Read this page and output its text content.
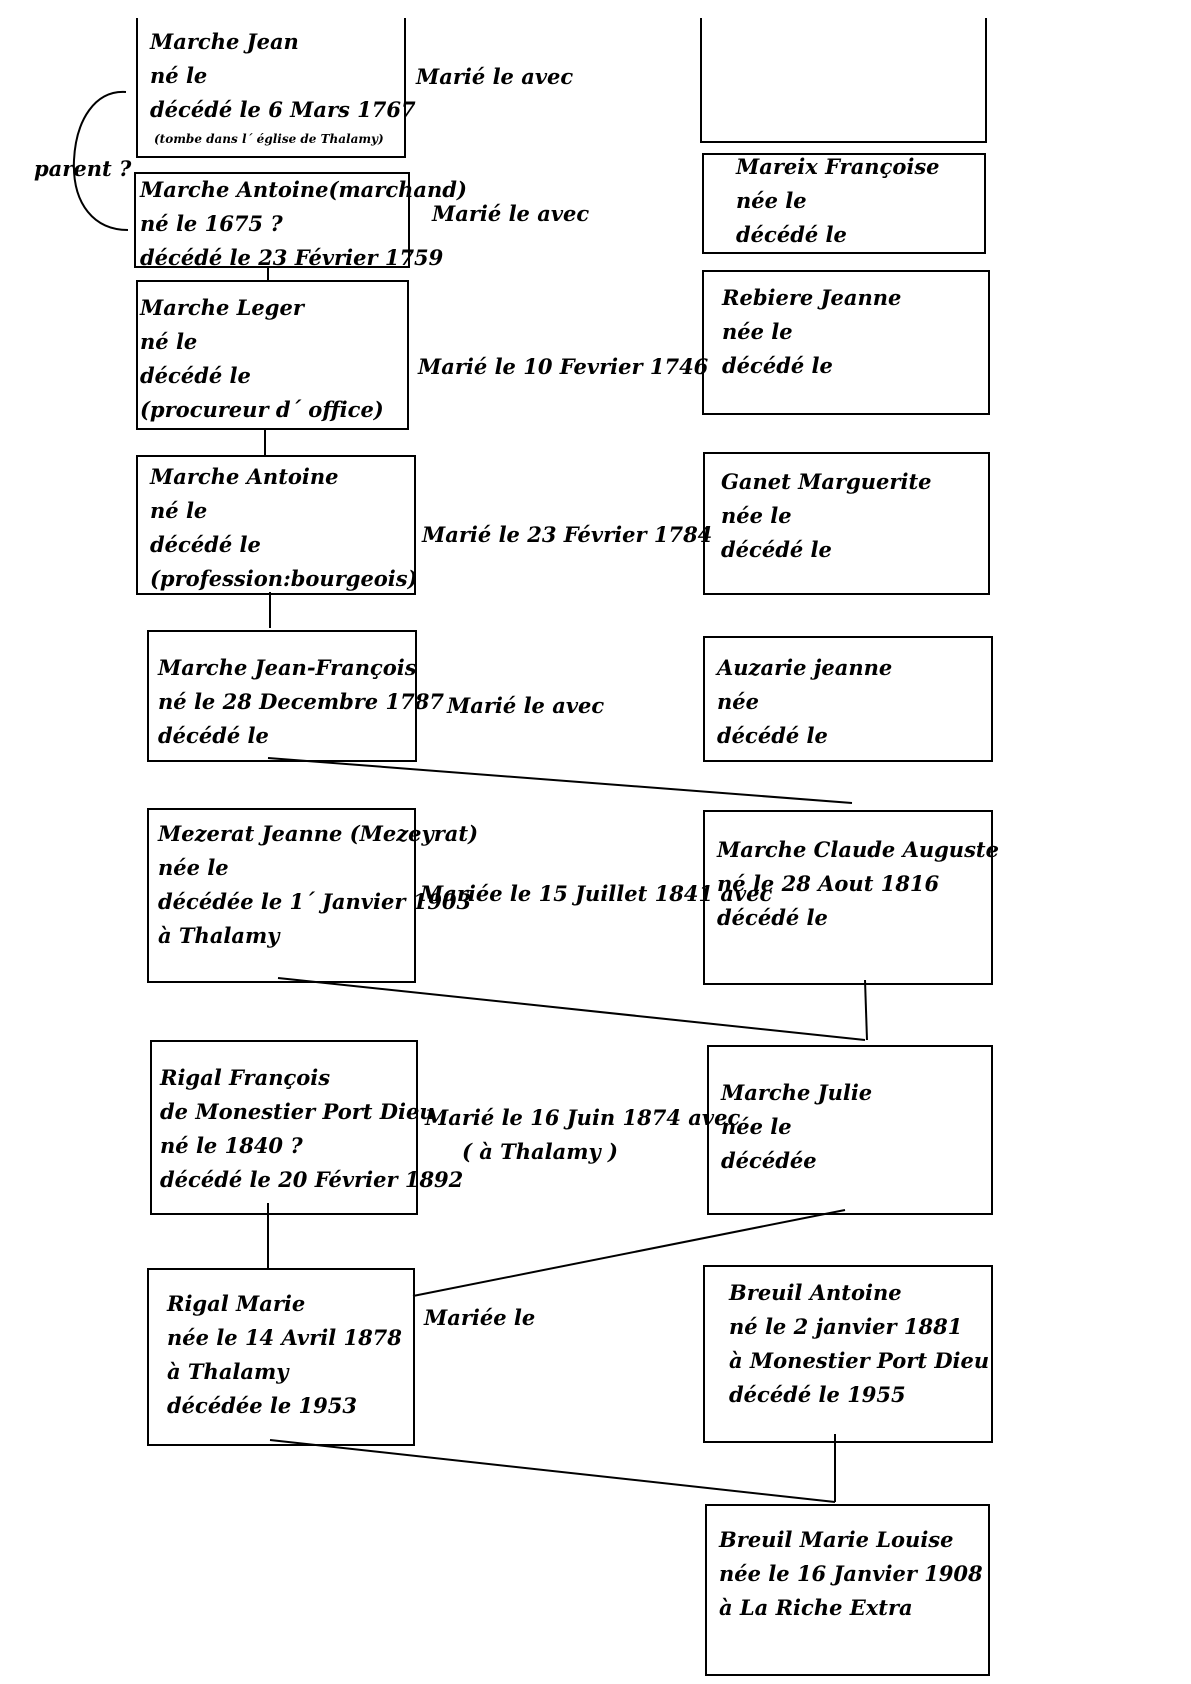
parent ?
Marche Jean
né le
décédé le 6 Mars 1767
(tombe dans l´ église de Thalamy)
Marié le avec
Marche Antoine(marchand)
né le 1675 ?
décédé le 23 Février 1759
Marié le avec
Mareix Françoise
née le
décédé le
Marche Leger
né le
décédé le
(procureur d´ office)
Marié le 10 Fevrier 1746
Rebiere Jeanne
née le
décédé le
Marche Antoine
né le
décédé le
(profession:bourgeois)
Marié le 23 Février 1784
Ganet Marguerite
née le
décédé le
Marche Jean-François
né le 28 Decembre 1787
décédé le
Marié le avec
Auzarie jeanne
née
décédé le
Mezerat Jeanne (Mezeyrat)
née le
décédée le 1´ Janvier 1903
à Thalamy
Mariée le 15 Juillet 1841 avec
Marche Claude Auguste
né le 28 Aout 1816
décédé le
Rigal François
de Monestier Port Dieu
né le 1840 ?
décédé le 20 Février 1892
Marié le 16 Juin 1874 avec
( à Thalamy )
Marche Julie
née le
décédée
Rigal Marie
née le 14 Avril 1878
à Thalamy
décédée le 1953
Mariée le
Breuil Antoine
né le 2 janvier 1881
à Monestier Port Dieu
décédé le 1955
Breuil Marie Louise
née le 16 Janvier 1908
à La Riche Extra
